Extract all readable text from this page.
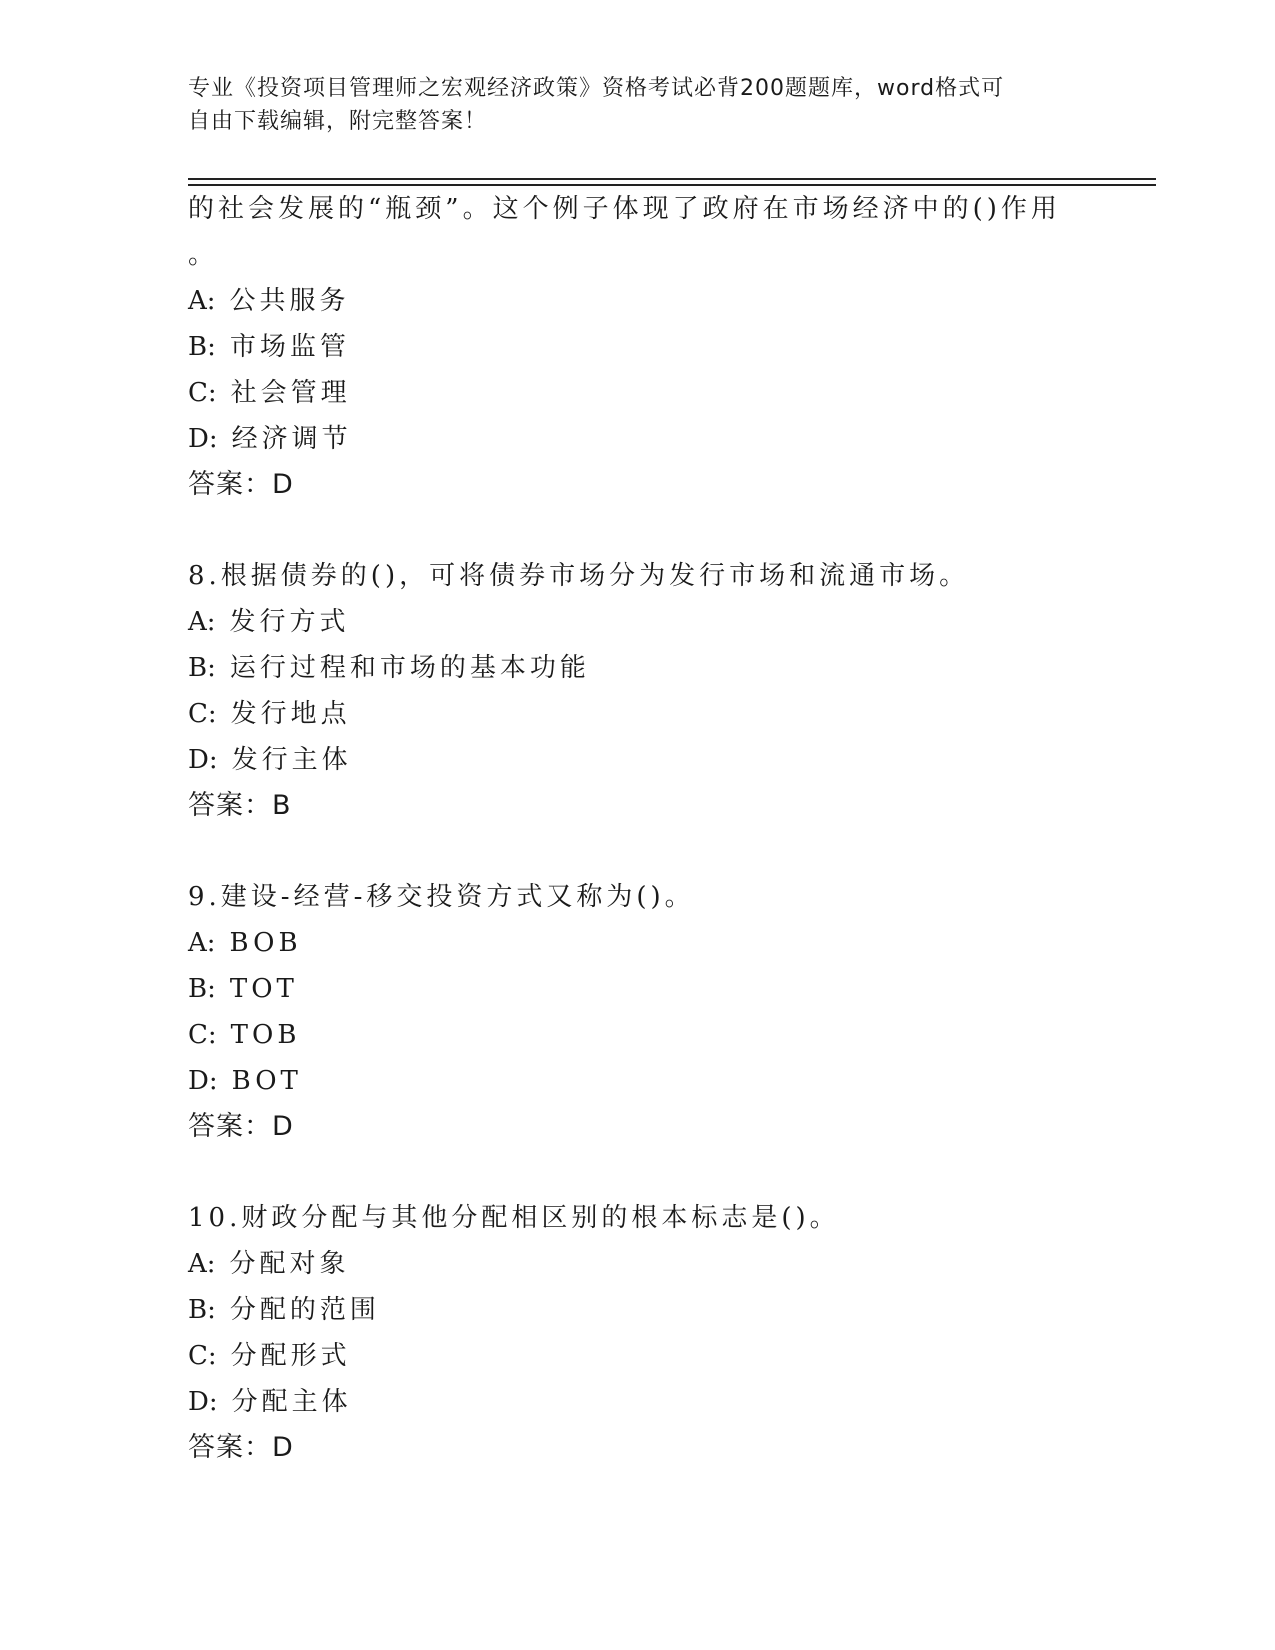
专业《投资项目管理师之宏观经济政策》资格考试必背200题题库，word格式可
自由下载编辑，附完整答案！
的社会发展的“瓶颈”。这个例子体现了政府在市场经济中的()作用
。
A: 公共服务
B: 市场监管
C: 社会管理
D: 经济调节
答案：D
8.根据债券的()，可将债券市场分为发行市场和流通市场。
A: 发行方式
B: 运行过程和市场的基本功能
C: 发行地点
D: 发行主体
答案：B
9.建设-经营-移交投资方式又称为()。
A: BOB
B: TOT
C: TOB
D: BOT
答案：D
10.财政分配与其他分配相区别的根本标志是()。
A: 分配对象
B: 分配的范围
C: 分配形式
D: 分配主体
答案：D
